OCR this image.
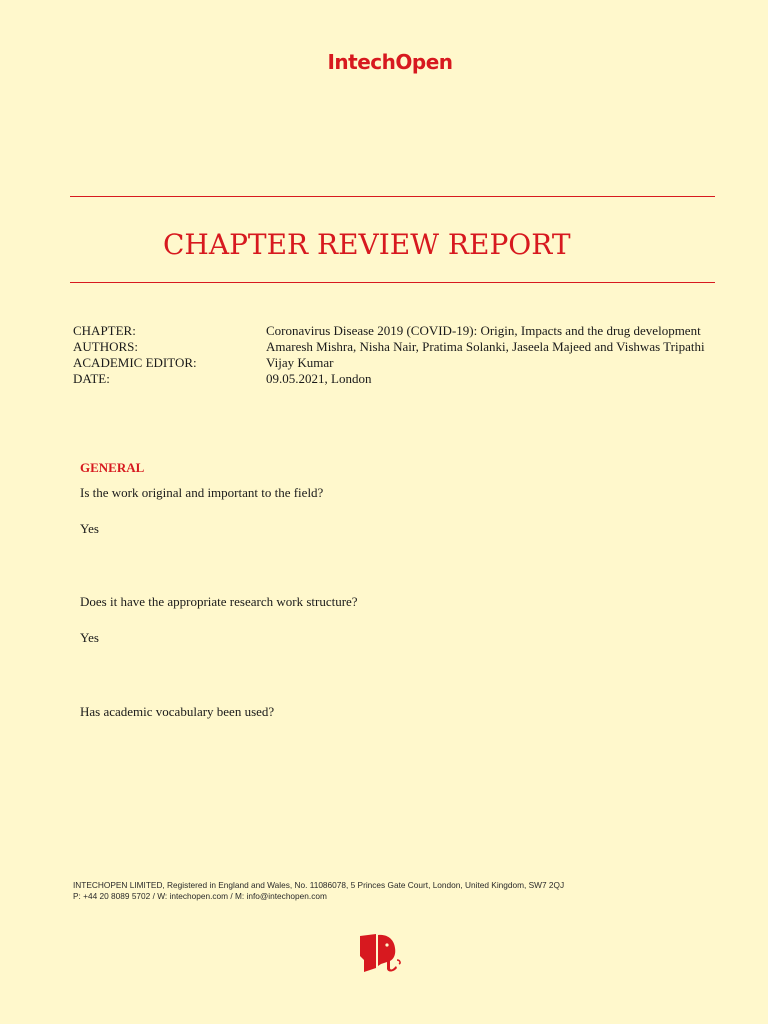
IntechOpen
CHAPTER REVIEW REPORT
CHAPTER:	Coronavirus Disease 2019 (COVID-19): Origin, Impacts and the drug development
AUTHORS:	Amaresh Mishra, Nisha Nair, Pratima Solanki, Jaseela Majeed and Vishwas Tripathi
ACADEMIC EDITOR:	Vijay Kumar
DATE:	09.05.2021, London
GENERAL
Is the work original and important to the field?
Yes
Does it have the appropriate research work structure?
Yes
Has academic vocabulary been used?
INTECHOPEN LIMITED, Registered in England and Wales, No. 11086078, 5 Princes Gate Court, London, United Kingdom, SW7 2QJ
P: +44 20 8089 5702 / W: intechopen.com / M: info@intechopen.com
